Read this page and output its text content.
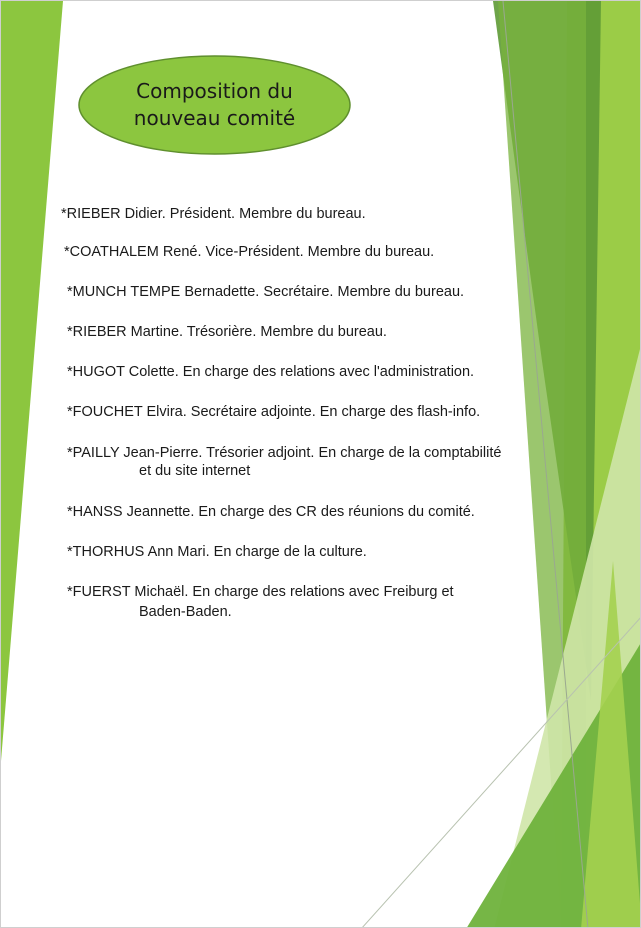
Composition du
nouveau comité
*RIEBER Didier. Président. Membre du bureau.
*COATHALEM René. Vice-Président. Membre du bureau.
*MUNCH TEMPE Bernadette. Secrétaire. Membre du bureau.
*RIEBER Martine. Trésorière. Membre du bureau.
*HUGOT Colette. En charge des relations avec l'administration.
*FOUCHET Elvira. Secrétaire adjointe. En charge des flash-info.
*PAILLY Jean-Pierre. Trésorier adjoint. En charge de la comptabilité
et du site internet
*HANSS Jeannette. En charge des CR des réunions du comité.
*THORHUS Ann Mari. En charge de la culture.
*FUERST Michaël. En charge des relations avec Freiburg et
Baden-Baden.
